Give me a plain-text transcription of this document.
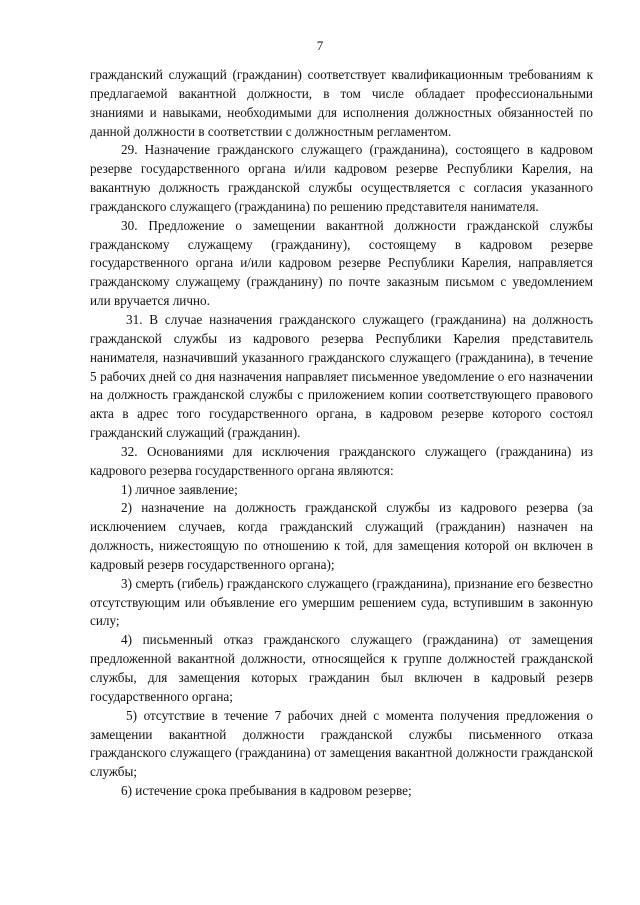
7

гражданский служащий (гражданин) соответствует квалификационным требованиям к предлагаемой вакантной должности, в том числе обладает профессиональными знаниями и навыками, необходимыми для исполнения должностных обязанностей по данной должности в соответствии с должностным регламентом.

29. Назначение гражданского служащего (гражданина), состоящего в кадровом резерве государственного органа и/или кадровом резерве Республики Карелия, на вакантную должность гражданской службы осуществляется с согласия указанного гражданского служащего (гражданина) по решению представителя нанимателя.

30. Предложение о замещении вакантной должности гражданской службы гражданскому служащему (гражданину), состоящему в кадровом резерве государственного органа и/или кадровом резерве Республики Карелия, направляется гражданскому служащему (гражданину) по почте заказным письмом с уведомлением или вручается лично.

31. В случае назначения гражданского служащего (гражданина) на должность гражданской службы из кадрового резерва Республики Карелия представитель нанимателя, назначивший указанного гражданского служащего (гражданина), в течение 5 рабочих дней со дня назначения направляет письменное уведомление о его назначении на должность гражданской службы с приложением копии соответствующего правового акта в адрес того государственного органа, в кадровом резерве которого состоял гражданский служащий (гражданин).

32. Основаниями для исключения гражданского служащего (гражданина) из кадрового резерва государственного органа являются:

1) личное заявление;

2) назначение на должность гражданской службы из кадрового резерва (за исключением случаев, когда гражданский служащий (гражданин) назначен на должность, нижестоящую по отношению к той, для замещения которой он включен в кадровый резерв государственного органа);

3) смерть (гибель) гражданского служащего (гражданина), признание его безвестно отсутствующим или объявление его умершим решением суда, вступившим в законную силу;

4) письменный отказ гражданского служащего (гражданина) от замещения предложенной вакантной должности, относящейся к группе должностей гражданской службы, для замещения которых гражданин был включен в кадровый резерв государственного органа;

5) отсутствие в течение 7 рабочих дней с момента получения предложения о замещении вакантной должности гражданской службы письменного отказа гражданского служащего (гражданина) от замещения вакантной должности гражданской службы;

6) истечение срока пребывания в кадровом резерве;
